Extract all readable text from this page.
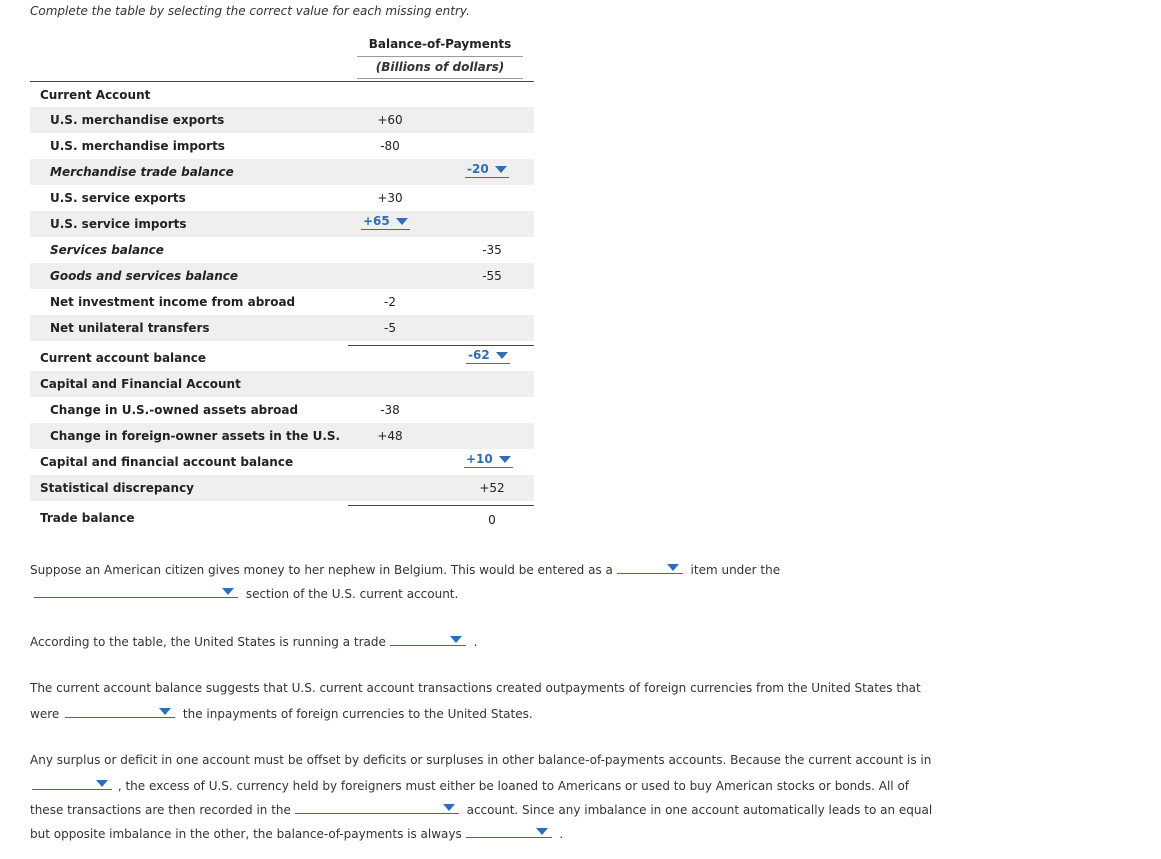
Complete the table by selecting the correct value for each missing entry.
Balance-of-Payments
(Billions of dollars)
Current Account
U.S. merchandise exports	+60
U.S. merchandise imports	-80
Merchandise trade balance	-20
U.S. service exports	+30
U.S. service imports	+65
Services balance	-35
Goods and services balance	-55
Net investment income from abroad	-2
Net unilateral transfers	-5
Current account balance	-62
Capital and Financial Account
Change in U.S.-owned assets abroad	-38
Change in foreign-owner assets in the U.S.	+48
Capital and financial account balance	+10
Statistical discrepancy	+52
Trade balance	0
Suppose an American citizen gives money to her nephew in Belgium. This would be entered as a	item under the
section of the U.S. current account.
According to the table, the United States is running a trade	.
The current account balance suggests that U.S. current account transactions created outpayments of foreign currencies from the United States that
were	the inpayments of foreign currencies to the United States.
Any surplus or deficit in one account must be offset by deficits or surpluses in other balance-of-payments accounts. Because the current account is in
, the excess of U.S. currency held by foreigners must either be loaned to Americans or used to buy American stocks or bonds. All of
these transactions are then recorded in the	account. Since any imbalance in one account automatically leads to an equal
but opposite imbalance in the other, the balance-of-payments is always	.
